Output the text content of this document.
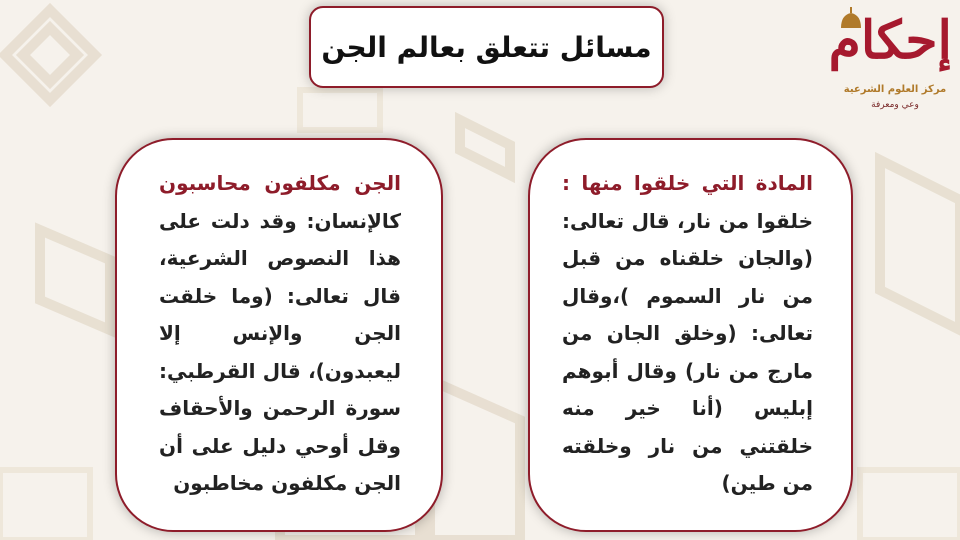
مسائل تتعلق بعالم الجن	إحكام
مركز العلوم الشرعية
وعي ومعرفة
الجن مكلفون محاسبون كالإنسان: وقد دلت على هذا النصوص الشرعية، قال تعالى: (وما خلقت الجن والإنس إلا ليعبدون)، قال القرطبي: سورة الرحمن والأحقاف وقل أوحي دليل على أن الجن مكلفون مخاطبون
المادة التي خلقوا منها : خلقوا من نار، قال تعالى: (والجان خلقناه من قبل من نار السموم )،وقال تعالى: (وخلق الجان من مارج من نار) وقال أبوهم إبليس (أنا خير منه خلقتني من نار وخلقته من طين)
